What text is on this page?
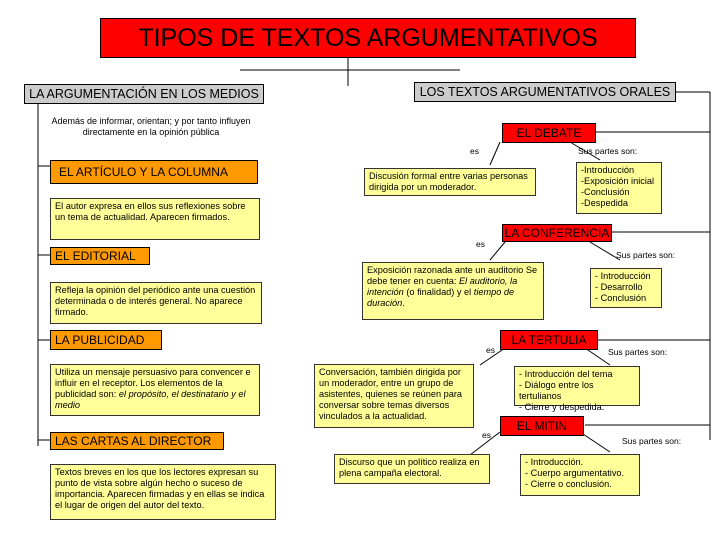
TIPOS DE TEXTOS ARGUMENTATIVOS
LA ARGUMENTACIÓN EN LOS MEDIOS
Además de informar, orientan; y por tanto influyen directamente en la opinión pública
EL ARTÍCULO Y LA COLUMNA
El autor expresa en ellos sus reflexiones sobre un tema de actualidad. Aparecen firmados.
EL EDITORIAL
Refleja la opinión del periódico ante una cuestión determinada o de interés general. No aparece firmado.
LA PUBLICIDAD
Utiliza un mensaje persuasivo para convencer e influir en el receptor. Los elementos de la publicidad son: el propósito, el destinatario y el medio
LAS CARTAS AL DIRECTOR
Textos breves en los que los lectores expresan su punto de vista sobre algún hecho o suceso de importancia. Aparecen firmadas y en ellas se indica el lugar de origen del autor del texto.
LOS TEXTOS ARGUMENTATIVOS ORALES
EL DEBATE
es	Sus partes son:
Discusión formal entre varias personas dirigida por un moderador.
-Introducción
-Exposición inicial
-Conclusión
-Despedida
LA CONFERENCIA
es
Sus partes son:
Exposición razonada ante un auditorio Se debe tener en cuenta: El auditorio, la intención (o finalidad) y el tiempo de duración.
- Introducción
- Desarrollo
- Conclusión
LA TERTULIA
es	Sus partes son:
Conversación, también dirigida por un moderador, entre un grupo de asistentes, quienes se reúnen para conversar sobre temas diversos vinculados a la actualidad.
- Introducción del tema
- Diálogo entre los tertulianos
- Cierre y despedida.
EL MITIN
es
Sus partes son:
Discurso que un político realiza en plena campaña electoral.
- Introducción.
- Cuerpo argumentativo.
- Cierre o conclusión.
